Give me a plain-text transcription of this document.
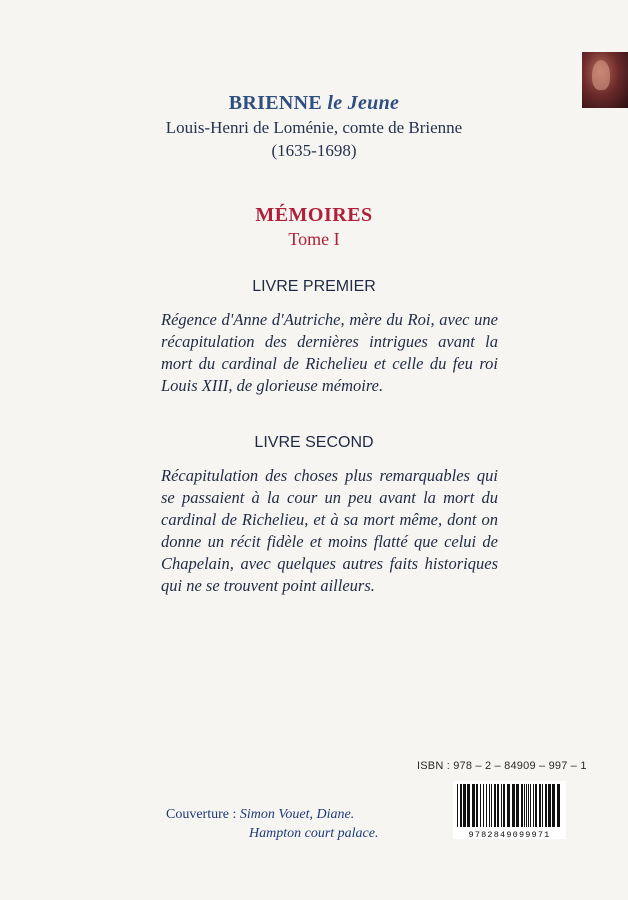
BRIENNE le Jeune
Louis-Henri de Loménie, comte de Brienne
(1635-1698)
MÉMOIRES
Tome I
LIVRE PREMIER
Régence d'Anne d'Autriche, mère du Roi, avec une récapitulation des dernières intrigues avant la mort du cardinal de Richelieu et celle du feu roi Louis XIII, de glorieuse mémoire.
LIVRE SECOND
Récapitulation des choses plus remarquables qui se passaient à la cour un peu avant la mort du cardinal de Richelieu, et à sa mort même, dont on donne un récit fidèle et moins flatté que celui de Chapelain, avec quelques autres faits historiques qui ne se trouvent point ailleurs.
ISBN : 978 – 2 – 84909 – 997 – 1
9782849099971
Couverture : Simon Vouet, Diane.
Hampton court palace.
